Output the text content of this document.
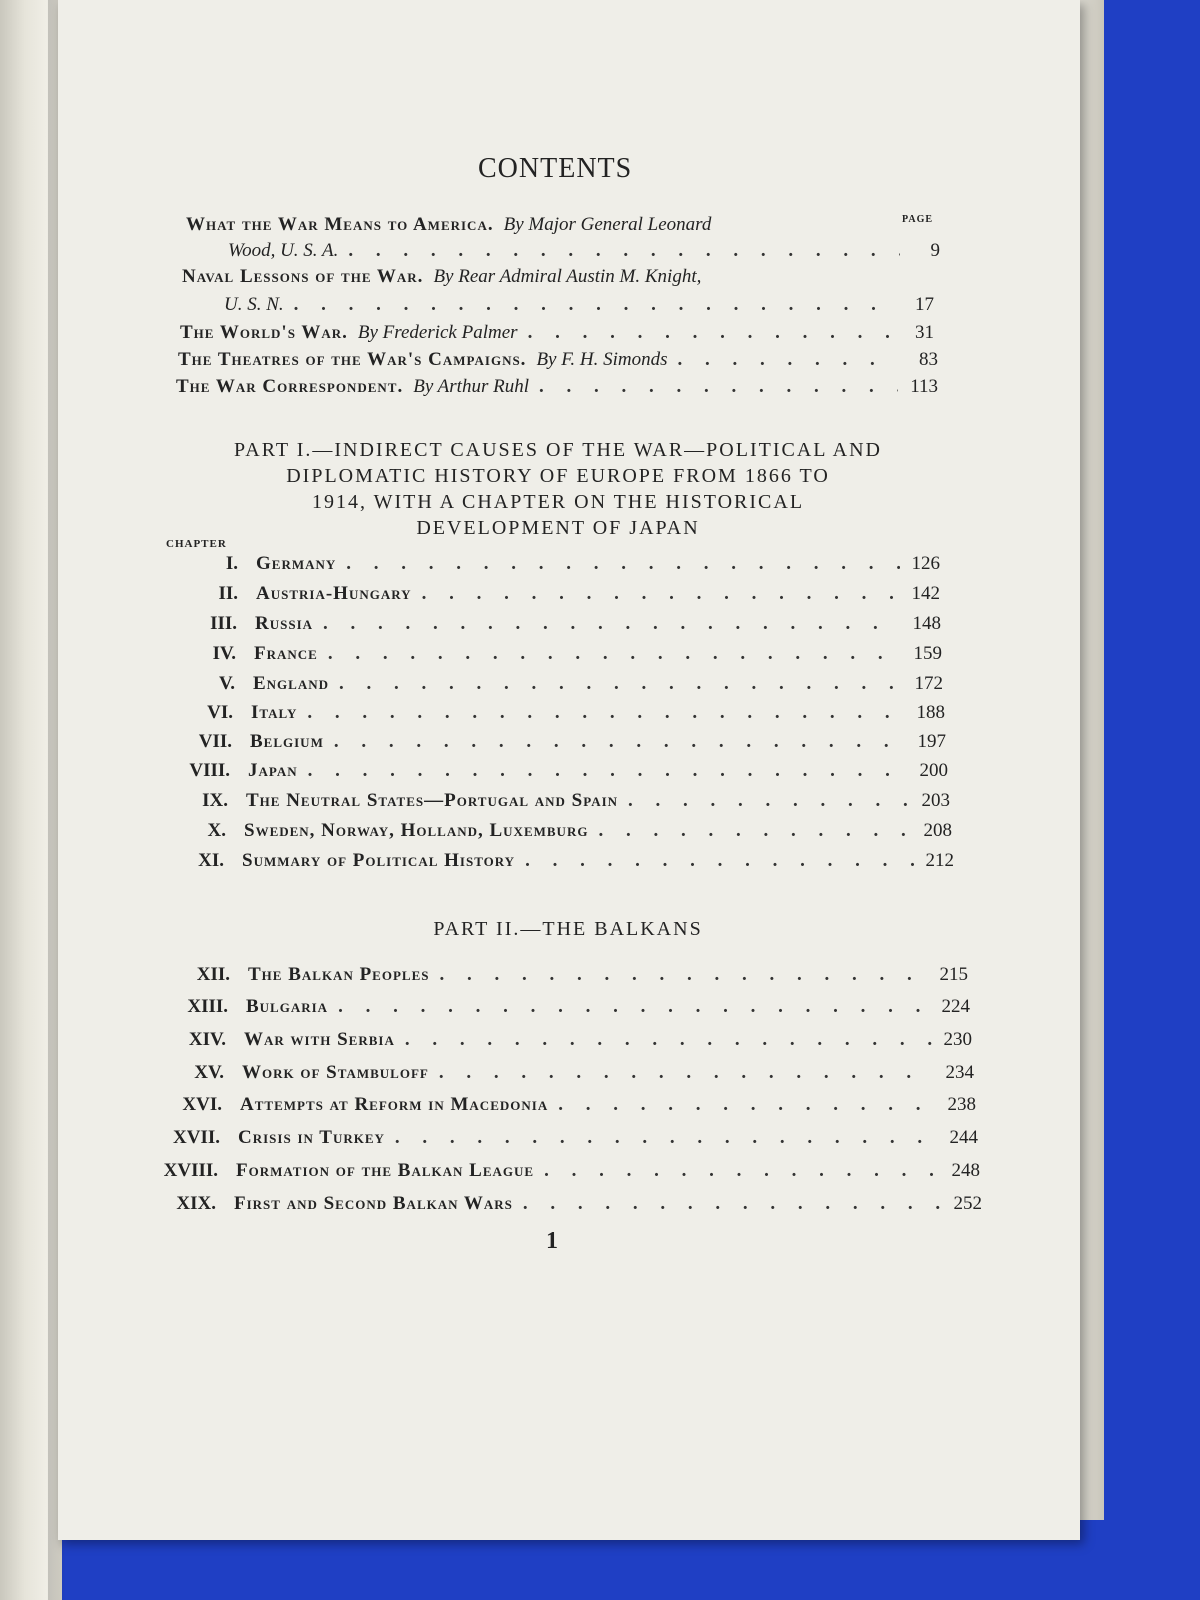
CONTENTS
PAGE
What the War Means to America. By Major General Leonard
Wood, U. S. A. . . .	9
Naval Lessons of the War. By Rear Admiral Austin M. Knight,
U. S. N. . . .	17
The World's War. By Frederick Palmer . . .	31
The Theatres of the War's Campaigns. By F. H. Simonds . . .	83
The War Correspondent. By Arthur Ruhl . . .	113
PART I.—INDIRECT CAUSES OF THE WAR—POLITICAL AND
DIPLOMATIC HISTORY OF EUROPE FROM 1866 TO
1914, WITH A CHAPTER ON THE HISTORICAL
DEVELOPMENT OF JAPAN
CHAPTER
I. Germany . . .	126
II. Austria-Hungary . . .	142
III. Russia . . .	148
IV. France . . .	159
V. England . . .	172
VI. Italy . . .	188
VII. Belgium . . .	197
VIII. Japan . . .	200
IX. The Neutral States—Portugal and Spain . . .	203
X. Sweden, Norway, Holland, Luxemburg . . .	208
XI. Summary of Political History . . .	212
PART II.—THE BALKANS
XII. The Balkan Peoples . . .	215
XIII. Bulgaria . . .	224
XIV. War with Serbia . . .	230
XV. Work of Stambuloff . . .	234
XVI. Attempts at Reform in Macedonia . . .	238
XVII. Crisis in Turkey . . .	244
XVIII. Formation of the Balkan League . . .	248
XIX. First and Second Balkan Wars . . .	252
1
